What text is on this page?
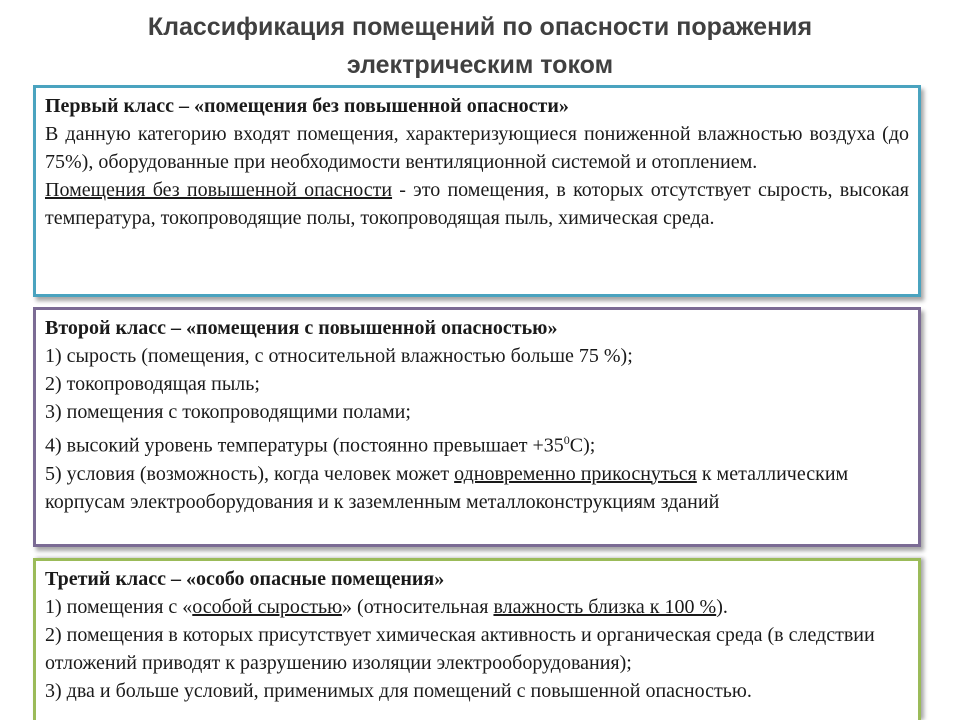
Классификация помещений по опасности поражения
электрическим током

Первый класс – «помещения без повышенной опасности»

В данную категорию входят помещения, характеризующиеся пониженной влажностью воздуха (до 75%), оборудованные при необходимости вентиляционной системой и отоплением.

Помещения без повышенной опасности - это помещения, в которых отсутствует сырость, высокая температура, токопроводящие полы, токопроводящая пыль, химическая среда.

Второй класс – «помещения с повышенной опасностью»

1) сырость (помещения, с относительной влажностью больше 75 %);

2) токопроводящая пыль;

3) помещения с токопроводящими полами;

4) высокий уровень температуры (постоянно превышает $+35^0С$);

5) условия (возможность), когда человек может одновременно прикоснуться к металлическим корпусам электрооборудования и к заземленным металлоконструкциям зданий

Третий класс – «особо опасные помещения»

1) помещения с «особой сыростью» (относительная влажность близка к 100 %).

2) помещения в которых присутствует химическая активность и органическая среда (в следствии отложений приводят к разрушению изоляции электрооборудования);

3) два и больше условий, применимых для помещений с повышенной опасностью.
